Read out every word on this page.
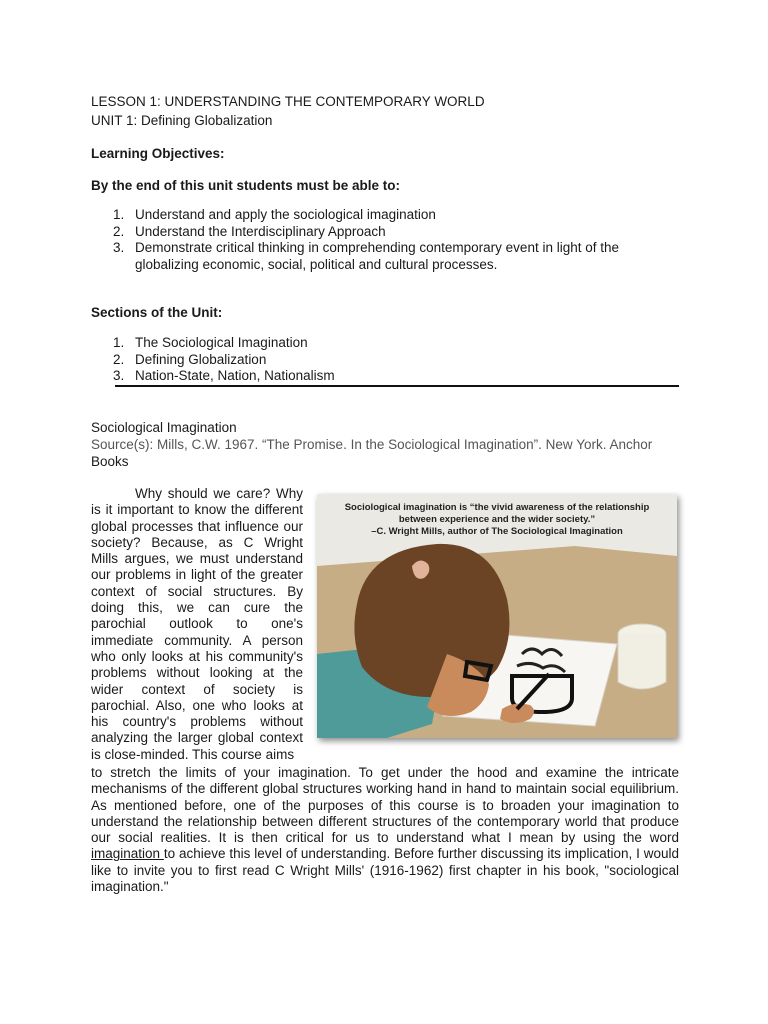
LESSON 1: UNDERSTANDING THE CONTEMPORARY WORLD
UNIT 1: Defining Globalization
Learning Objectives:
By the end of this unit students must be able to:
1. Understand and apply the sociological imagination
2. Understand the Interdisciplinary Approach
3. Demonstrate critical thinking in comprehending contemporary event in light of the
globalizing economic, social, political and cultural processes.
Sections of the Unit:
1. The Sociological Imagination
2. Defining Globalization
3. Nation-State, Nation, Nationalism
Sociological Imagination
Source(s): Mills, C.W. 1967. “The Promise. In the Sociological Imagination”. New York. Anchor
Books
Why should we care? Why is it important to know the different global processes that influence our society? Because, as C Wright Mills argues, we must understand our problems in light of the greater context of social structures. By doing this, we can cure the parochial outlook to one's immediate community. A person who only looks at his community's problems without looking at the wider context of society is parochial. Also, one who looks at his country's problems without analyzing the larger global context is close-minded. This course aims
Sociological imagination is “the vivid awareness of the relationship
between experience and the wider society.”
–C. Wright Mills, author of The Sociological Imagination
to stretch the limits of your imagination. To get under the hood and examine the intricate mechanisms of the different global structures working hand in hand to maintain social equilibrium. As mentioned before, one of the purposes of this course is to broaden your imagination to understand the relationship between different structures of the contemporary world that produce our social realities. It is then critical for us to understand what I mean by using the word imagination to achieve this level of understanding. Before further discussing its implication, I would like to invite you to first read C Wright Mills' (1916-1962) first chapter in his book, "sociological imagination."
